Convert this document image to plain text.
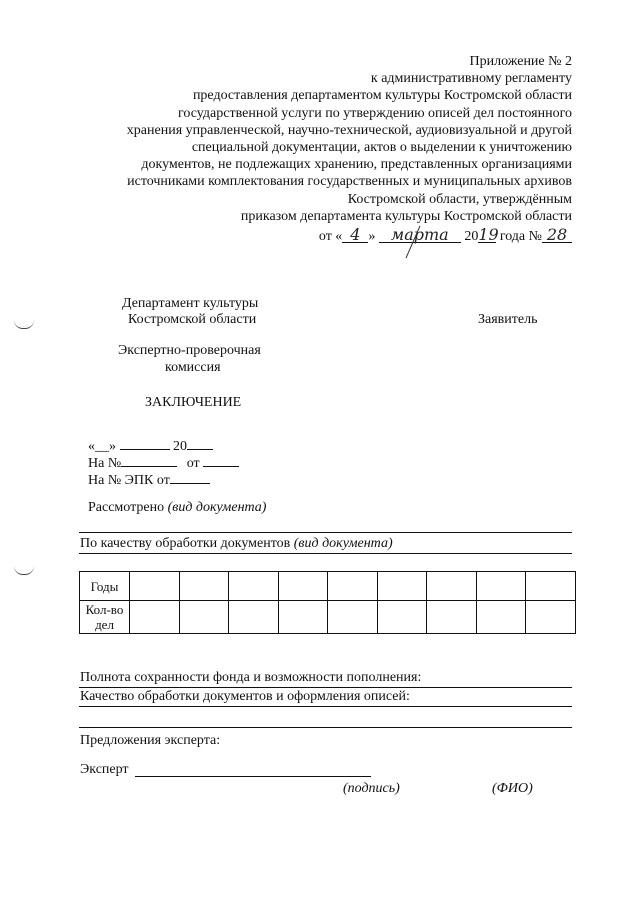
Приложение № 2
к административному регламенту
предоставления департаментом культуры Костромской области
государственной услуги по утверждению описей дел постоянного
хранения управленческой, научно-технической, аудиовизуальной и другой
специальной документации, актов о выделении к уничтожению
документов, не подлежащих хранению, представленных организациями
источниками комплектования государственных и муниципальных архивов
Костромской области, утверждённым
приказом департамента культуры Костромской области
от « 4 » марта 2019 года № 28
Департамент культуры
Костромской области
Экспертно-проверочная
комиссия
Заявитель
ЗАКЛЮЧЕНИЕ
«__»	20
На №	от
На № ЭПК от
Рассмотрено (вид документа)
По качеству обработки документов (вид документа)
Годы									

Кол-во
дел									

Полнота сохранности фонда и возможности пополнения:
Качество обработки документов и оформления описей:
Предложения эксперта:
Эксперт
(подпись)	(ФИО)
